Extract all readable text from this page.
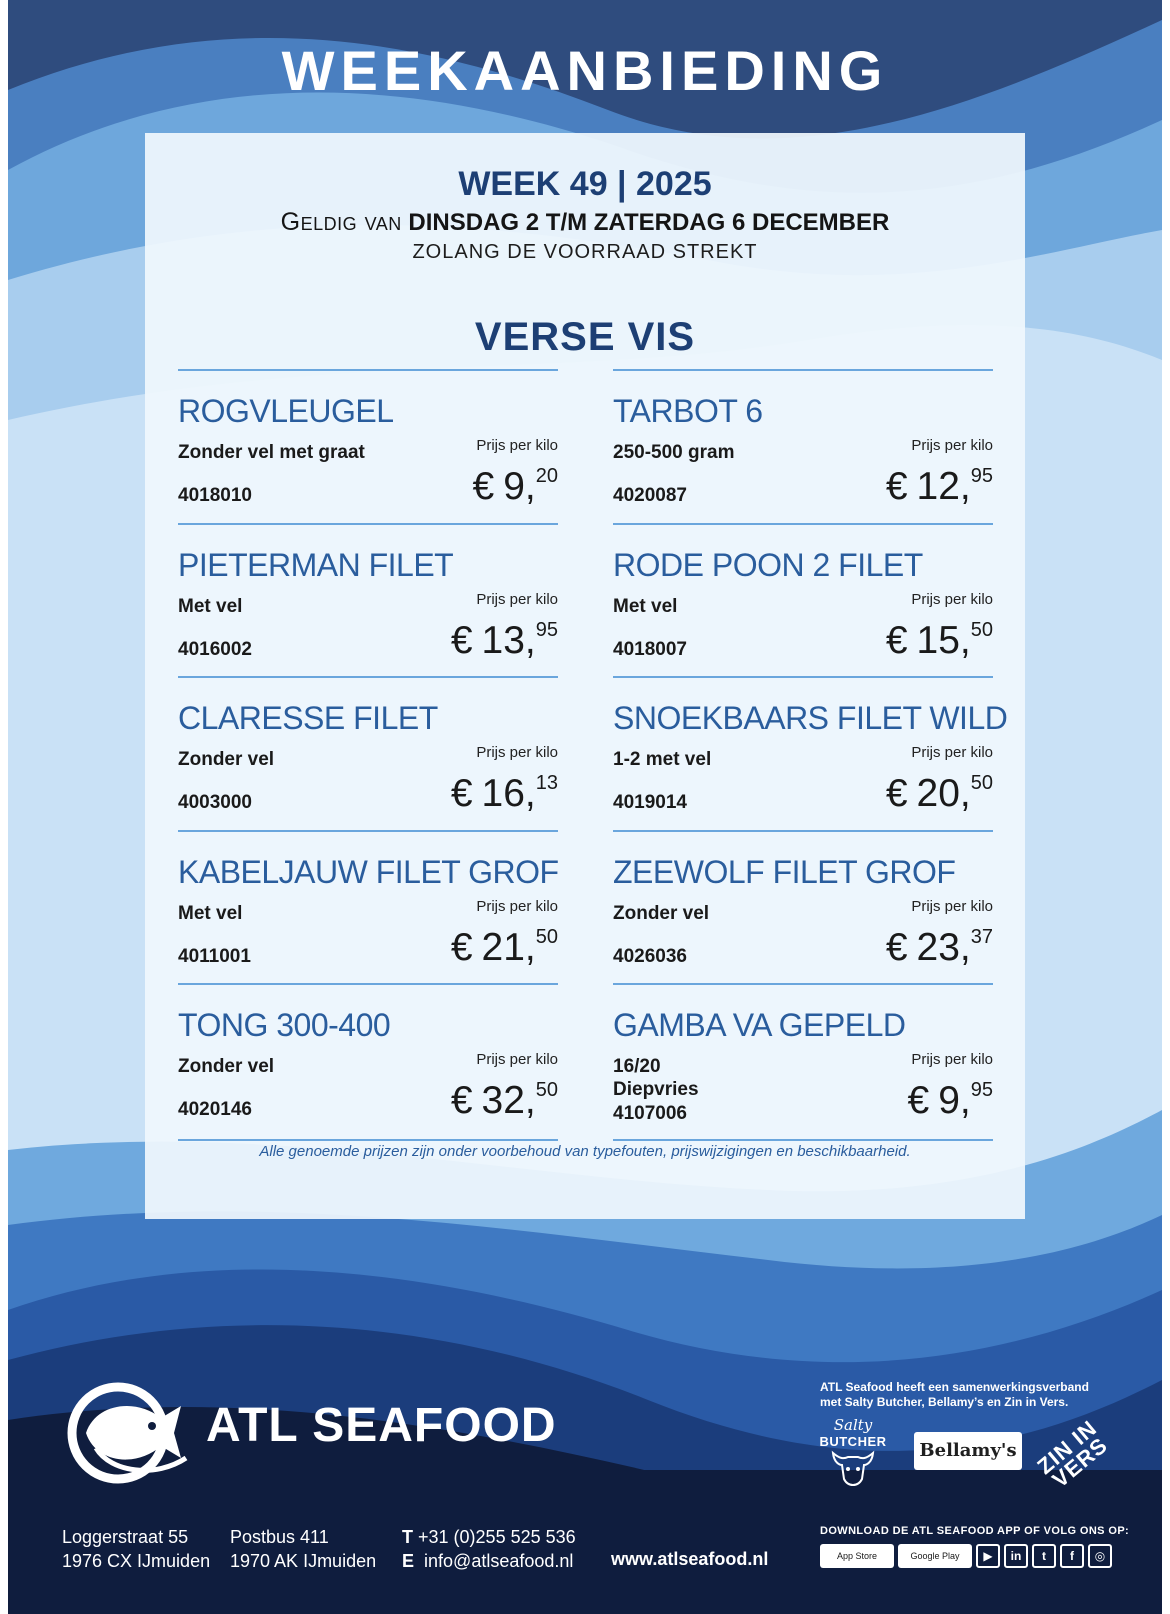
WEEKAANBIEDING
WEEK 49 | 2025
Geldig van DINSDAG 2 T/M ZATERDAG 6 DECEMBER
ZOLANG DE VOORRAAD STREKT
VERSE VIS
ROGVLEUGEL
Zonder vel met graat
4018010
Prijs per kilo
€ 9,20
PIETERMAN FILET
Met vel
4016002
Prijs per kilo
€ 13,95
CLARESSE FILET
Zonder vel
4003000
Prijs per kilo
€ 16,13
KABELJAUW FILET GROF
Met vel
4011001
Prijs per kilo
€ 21,50
TONG 300-400
Zonder vel
4020146
Prijs per kilo
€ 32,50
TARBOT 6
250-500 gram
4020087
Prijs per kilo
€ 12,95
RODE POON 2 FILET
Met vel
4018007
Prijs per kilo
€ 15,50
SNOEKBAARS FILET WILD
1-2 met vel
4019014
Prijs per kilo
€ 20,50
ZEEWOLF FILET GROF
Zonder vel
4026036
Prijs per kilo
€ 23,37
GAMBA VA GEPELD
16/20 Diepvries
4107006
Prijs per kilo
€ 9,95
Alle genoemde prijzen zijn onder voorbehoud van typefouten, prijswijzigingen en beschikbaarheid.
ATL SEAFOOD
ATL Seafood heeft een samenwerkingsverband met Salty Butcher, Bellamy’s en Zin in Vers.
Salty
BUTCHER	Bellamy's ZIN IN VERS
Loggerstraat 55
1976 CX IJmuiden
Postbus 411
1970 AK IJmuiden
T +31 (0)255 525 536
E info@atlseafood.nl www.atlseafood.nl
DOWNLOAD DE ATL SEAFOOD APP OF VOLG ONS OP:
App Store	Google Play	▶	in	t	f	◎
